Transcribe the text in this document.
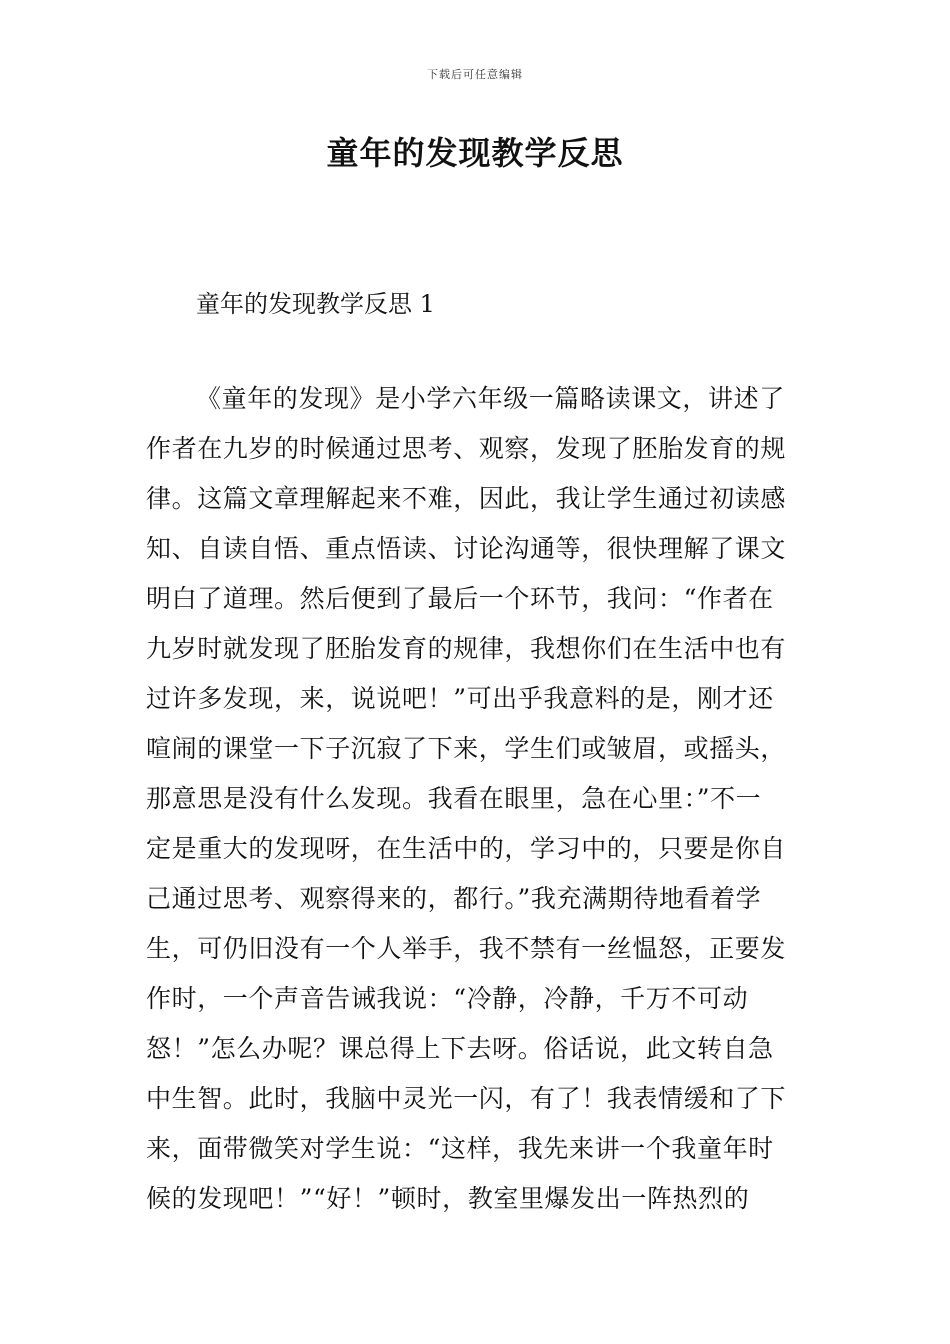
下载后可任意编辑
童年的发现教学反思
童年的发现教学反思 1
《童年的发现》是小学六年级一篇略读课文，讲述了
作者在九岁的时候通过思考、观察，发现了胚胎发育的规
律。这篇文章理解起来不难，因此，我让学生通过初读感
知、自读自悟、重点悟读、讨论沟通等，很快理解了课文
明白了道理。然后便到了最后一个环节，我问：“作者在
九岁时就发现了胚胎发育的规律，我想你们在生活中也有
过许多发现，来，说说吧！”可出乎我意料的是，刚才还
喧闹的课堂一下子沉寂了下来，学生们或皱眉，或摇头，
那意思是没有什么发现。我看在眼里，急在心里：”不一
定是重大的发现呀，在生活中的，学习中的，只要是你自
己通过思考、观察得来的，都行。”我充满期待地看着学
生，可仍旧没有一个人举手，我不禁有一丝愠怒，正要发
作时，一个声音告诫我说：“冷静，冷静，千万不可动
怒！”怎么办呢？课总得上下去呀。俗话说，此文转自急
中生智。此时，我脑中灵光一闪，有了！我表情缓和了下
来，面带微笑对学生说：“这样，我先来讲一个我童年时
候的发现吧！”“好！”顿时，教室里爆发出一阵热烈的
